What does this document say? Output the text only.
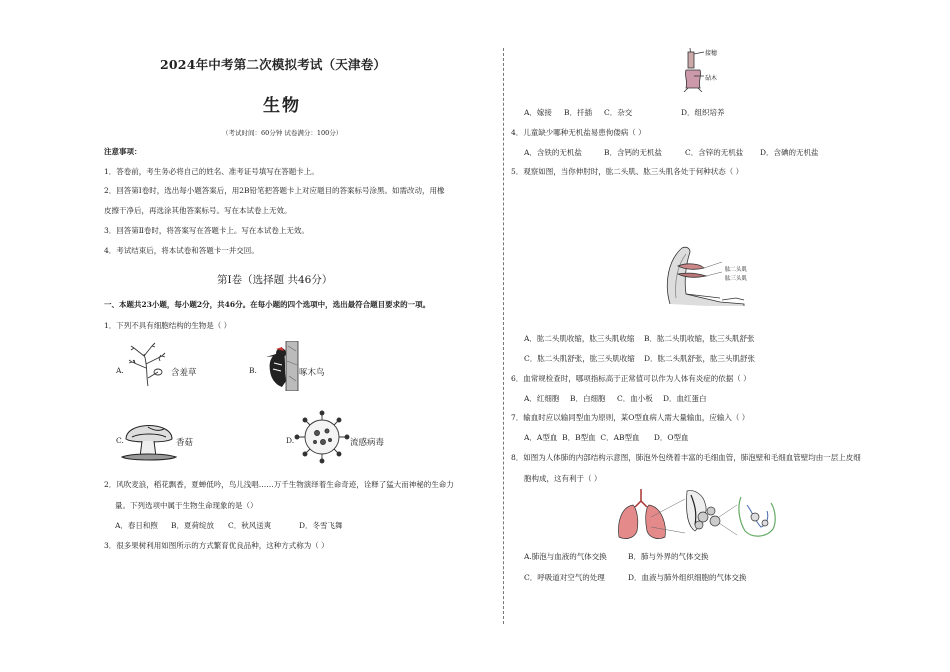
2024年中考第二次模拟考试（天津卷）
生物
（考试时间：60分钟 试卷满分：100分）
注意事项：
1．答卷前，考生务必将自己的姓名、准考证号填写在答题卡上。
2．回答第Ⅰ卷时，选出每小题答案后，用2B铅笔把答题卡上对应题目的答案标号涂黑。如需改动，用橡
皮擦干净后，再选涂其他答案标号。写在本试卷上无效。
3．回答第Ⅱ卷时，将答案写在答题卡上。写在本试卷上无效。
4．考试结束后，将本试卷和答题卡一并交回。
第Ⅰ卷（选择题 共46分）
一、本题共23小题，每小题2分，共46分。在每小题的四个选项中，选出最符合题目要求的一项。
1．下列不具有细胞结构的生物是（ ）
A.	含羞草	B.	啄木鸟
C.	香菇	D.	流感病毒
2．风吹麦浪，稻花飘香，夏蝉低吟，鸟儿浅唱……万千生物演绎着生命奇迹，诠释了猛大而神秘的生命力
量。下列选项中属于生物生命现象的是（）
A．春日和煦 B．夏荷绽放 C．秋风送爽	D．冬雪飞舞
3．很多果树利用如图所示的方式繁育优良品种，这种方式称为（ ）
接穗
砧木
A．嫁接 B．扦插 C．杂交	D．组织培养
4．儿童缺少哪种无机盐易患佝偻病（ ）
A．含铁的无机盐	B．含钙的无机盐	C．含锌的无机盐 D．含碘的无机盐
5．观察如图，当你伸肘时，肱二头肌、肱三头肌各处于何种状态（ ）
肱二头肌
肱三头肌
A．肱二头肌收缩，肱三头肌收缩 B．肱二头肌收缩，肱三头肌舒张
C．肱二头肌舒张，肱三头肌收缩 D．肱二头肌舒张，肱三头肌舒张
6．血常规检查时，哪项指标高于正常值可以作为人体有炎症的依据（ ）
A．红细胞 B．白细胞 C．血小板 D．血红蛋白
7．输血时应以输同型血为原则，某O型血病人需大量输血，应输入（ ）
A．A型血  B．B型血  C．AB型血      D．O型血
8．如图为人体肺的内部结构示意图，肺泡外包绕着丰富的毛细血管，肺泡壁和毛细血管壁均由一层上皮细
胞构成，这有利于（ ）
A.肺泡与血液的气体交换	B．肺与外界的气体交换
C．呼吸道对空气的处理	D．血液与肺外组织细胞的气体交换
